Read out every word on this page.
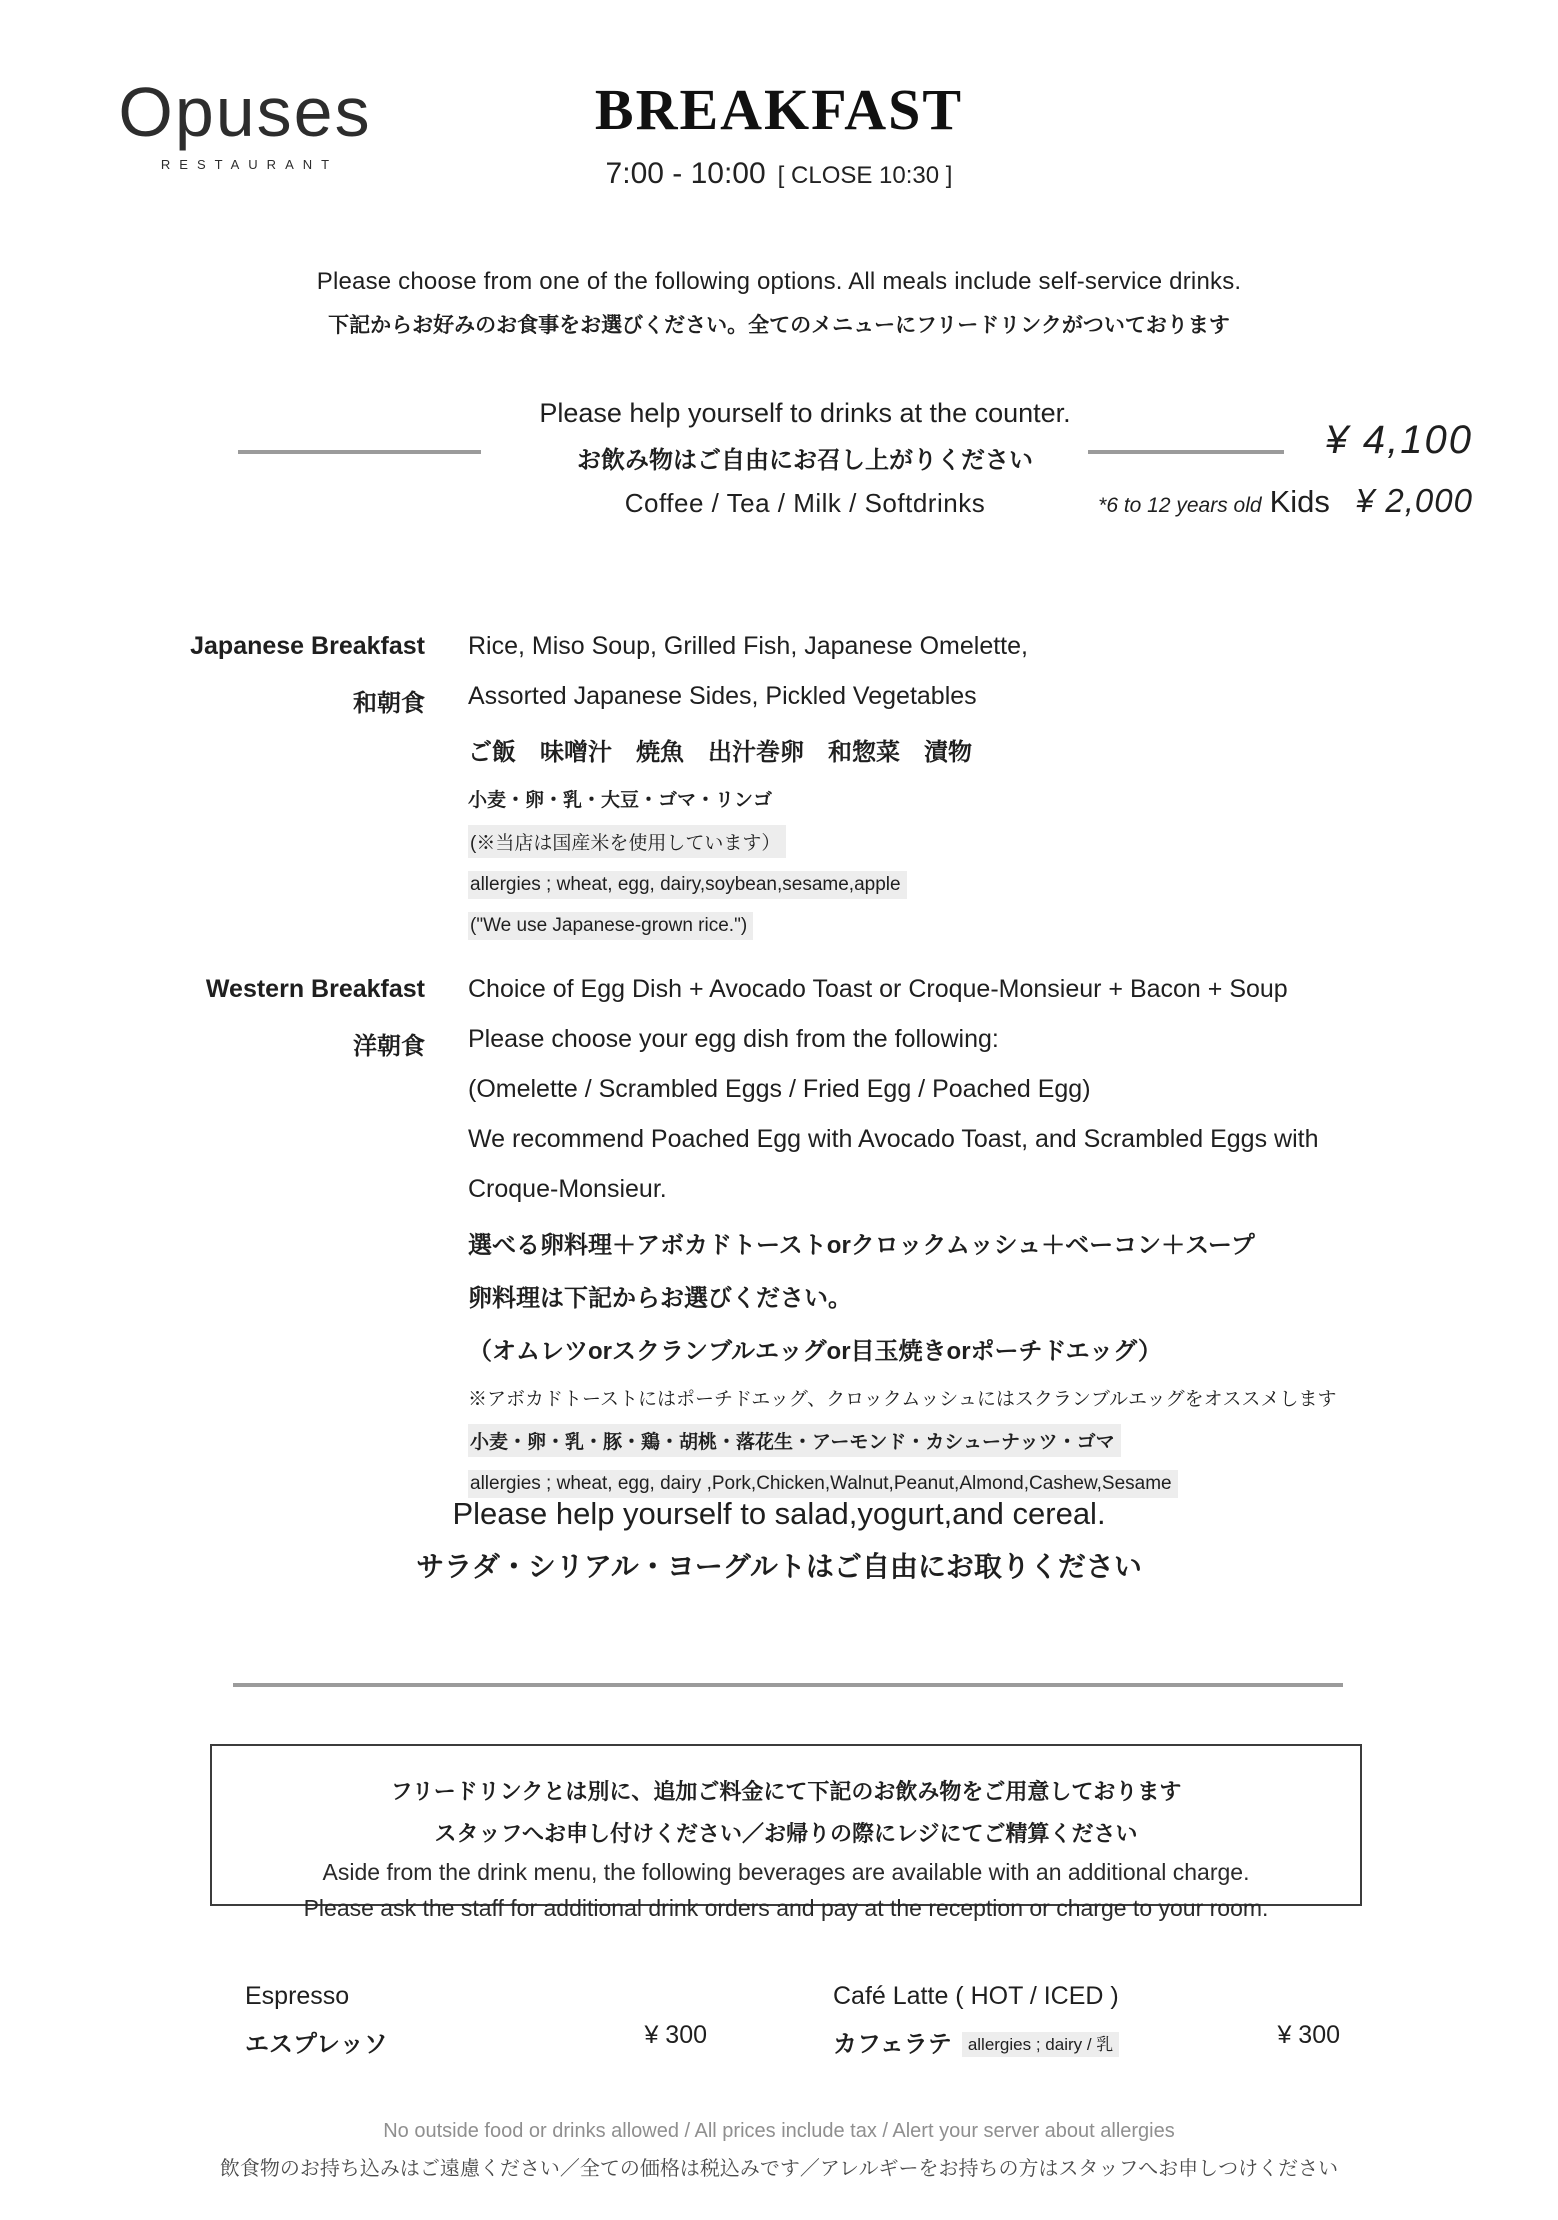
Opuses
RESTAURANT
BREAKFAST
7:00 - 10:00 [ CLOSE 10:30 ]
Please choose from one of the following options. All meals include self-service drinks.
下記からお好みのお食事をお選びください。全てのメニューにフリードリンクがついております
Please help yourself to drinks at the counter.
お飲み物はご自由にお召し上がりください
Coffee / Tea / Milk / Softdrinks
¥ 4,100
*6 to 12 years old Kids ¥ 2,000
Japanese Breakfast
和朝食
Rice, Miso Soup, Grilled Fish, Japanese Omelette,
Assorted Japanese Sides, Pickled Vegetables
ご飯　味噌汁　焼魚　出汁巻卵　和惣菜　漬物
小麦・卵・乳・大豆・ゴマ・リンゴ
(※当店は国産米を使用しています）
allergies ; wheat, egg, dairy,soybean,sesame,apple
("We use Japanese-grown rice.")
Western Breakfast
洋朝食
Choice of Egg Dish + Avocado Toast or Croque-Monsieur + Bacon + Soup
Please choose your egg dish from the following:
(Omelette / Scrambled Eggs / Fried Egg / Poached Egg)
We recommend Poached Egg with Avocado Toast, and Scrambled Eggs with
Croque-Monsieur.
選べる卵料理＋アボカドトーストorクロックムッシュ＋ベーコン＋スープ
卵料理は下記からお選びください。
（オムレツorスクランブルエッグor目玉焼きorポーチドエッグ）
※アボカドトーストにはポーチドエッグ、クロックムッシュにはスクランブルエッグをオススメします
小麦・卵・乳・豚・鶏・胡桃・落花生・アーモンド・カシューナッツ・ゴマ
allergies ; wheat, egg, dairy ,Pork,Chicken,Walnut,Peanut,Almond,Cashew,Sesame
Please help yourself to salad,yogurt,and cereal.
サラダ・シリアル・ヨーグルトはご自由にお取りください
フリードリンクとは別に、追加ご料金にて下記のお飲み物をご用意しております
スタッフへお申し付けください／お帰りの際にレジにてご精算ください
Aside from the drink menu, the following beverages are available with an additional charge.
Please ask the staff for additional drink orders and pay at the reception or charge to your room.
Espresso
エスプレッソ	¥ 300
Café Latte ( HOT / ICED )
カフェラテ allergies ; dairy / 乳	¥ 300
No outside food or drinks allowed / All prices include tax / Alert your server about allergies
飲食物のお持ち込みはご遠慮ください／全ての価格は税込みです／アレルギーをお持ちの方はスタッフへお申しつけください
